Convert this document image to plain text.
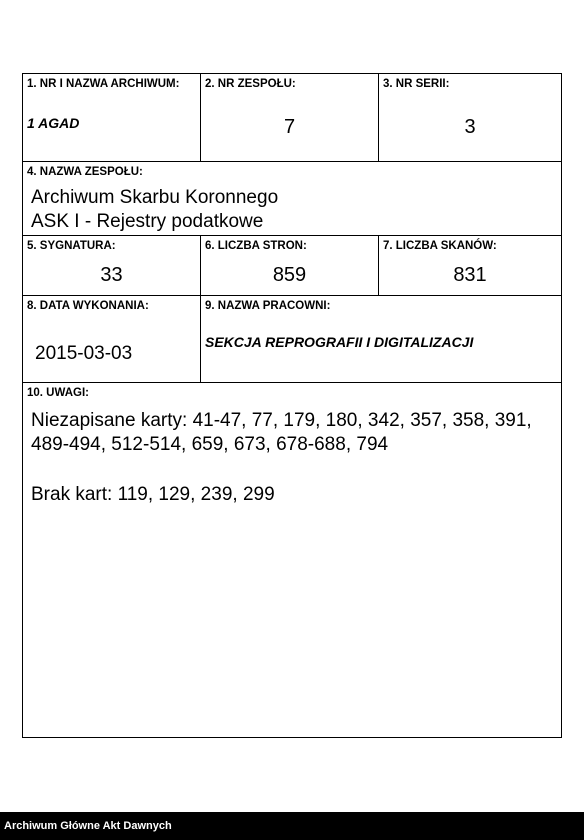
1. NR I NAZWA ARCHIWUM:
1 AGAD
2. NR ZESPOŁU:
7
3. NR SERII:
3
4. NAZWA ZESPOŁU:
Archiwum Skarbu Koronnego
ASK I - Rejestry podatkowe
5. SYGNATURA:
33
6. LICZBA STRON:
859
7. LICZBA SKANÓW:
831
8. DATA WYKONANIA:
2015-03-03
9. NAZWA PRACOWNI:
SEKCJA REPROGRAFII I DIGITALIZACJI
10. UWAGI:
Niezapisane karty: 41-47, 77, 179, 180, 342, 357, 358, 391,
489-494, 512-514, 659, 673, 678-688, 794
Brak kart: 119, 129, 239, 299
Archiwum Główne Akt Dawnych
